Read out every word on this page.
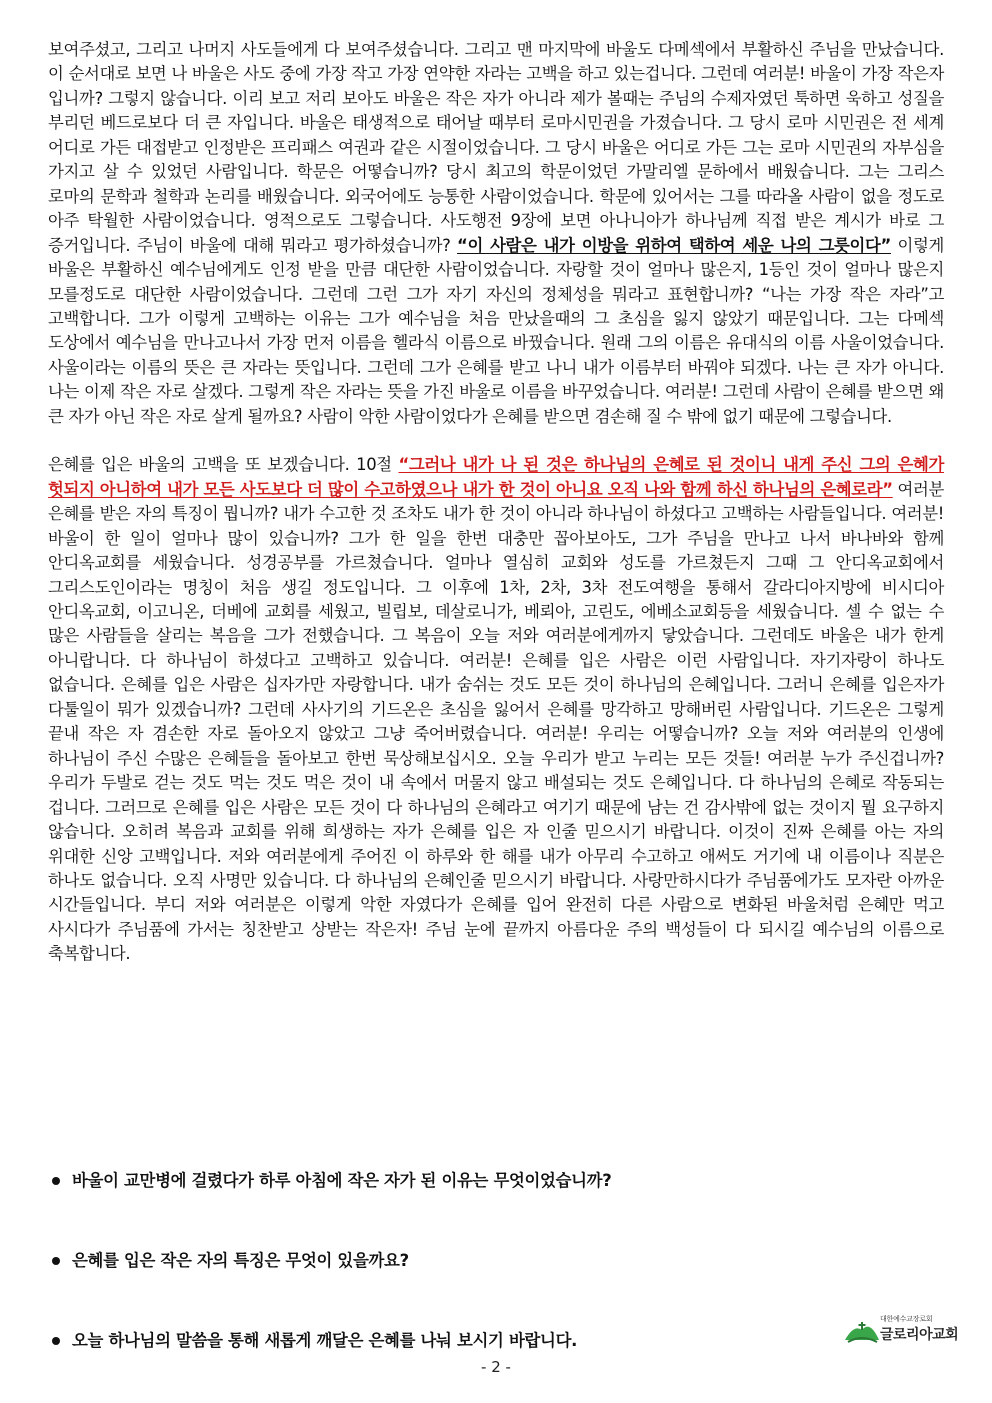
보여주셨고, 그리고 나머지 사도들에게 다 보여주셨습니다. 그리고 맨 마지막에 바울도 다메섹에서 부활하신 주님을 만났습니다. 이 순서대로 보면 나 바울은 사도 중에 가장 작고 가장 연약한 자라는 고백을 하고 있는겁니다. 그런데 여러분! 바울이 가장 작은자 입니까? 그렇지 않습니다. 이리 보고 저리 보아도 바울은 작은 자가 아니라 제가 볼때는 주님의 수제자였던 툭하면 욱하고 성질을 부리던 베드로보다 더 큰 자입니다. 바울은 태생적으로 태어날 때부터 로마시민권을 가졌습니다. 그 당시 로마 시민권은 전 세계 어디로 가든 대접받고 인정받은 프리패스 여권과 같은 시절이었습니다. 그 당시 바울은 어디로 가든 그는 로마 시민권의 자부심을 가지고 살 수 있었던 사람입니다. 학문은 어떻습니까? 당시 최고의 학문이었던 가말리엘 문하에서 배웠습니다. 그는 그리스 로마의 문학과 철학과 논리를 배웠습니다. 외국어에도 능통한 사람이었습니다. 학문에 있어서는 그를 따라올 사람이 없을 정도로 아주 탁월한 사람이었습니다. 영적으로도 그렇습니다. 사도행전 9장에 보면 아나니아가 하나님께 직접 받은 계시가 바로 그 증거입니다. 주님이 바울에 대해 뭐라고 평가하셨습니까? “이 사람은 내가 이방을 위하여 택하여 세운 나의 그릇이다” 이렇게 바울은 부활하신 예수님에게도 인정 받을 만큼 대단한 사람이었습니다. 자랑할 것이 얼마나 많은지, 1등인 것이 얼마나 많은지 모를정도로 대단한 사람이었습니다. 그런데 그런 그가 자기 자신의 정체성을 뭐라고 표현합니까? “나는 가장 작은 자라”고 고백합니다. 그가 이렇게 고백하는 이유는 그가 예수님을 처음 만났을때의 그 초심을 잃지 않았기 때문입니다. 그는 다메섹 도상에서 예수님을 만나고나서 가장 먼저 이름을 헬라식 이름으로 바꿨습니다. 원래 그의 이름은 유대식의 이름 사울이었습니다. 사울이라는 이름의 뜻은 큰 자라는 뜻입니다. 그런데 그가 은혜를 받고 나니 내가 이름부터 바꿔야 되겠다. 나는 큰 자가 아니다. 나는 이제 작은 자로 살겠다. 그렇게 작은 자라는 뜻을 가진 바울로 이름을 바꾸었습니다. 여러분! 그런데 사람이 은혜를 받으면 왜 큰 자가 아닌 작은 자로 살게 될까요? 사람이 악한 사람이었다가 은혜를 받으면 겸손해 질 수 밖에 없기 때문에 그렇습니다.

은혜를 입은 바울의 고백을 또 보겠습니다. 10절 “그러나 내가 나 된 것은 하나님의 은혜로 된 것이니 내게 주신 그의 은혜가 헛되지 아니하여 내가 모든 사도보다 더 많이 수고하였으나 내가 한 것이 아니요 오직 나와 함께 하신 하나님의 은혜로라” 여러분 은혜를 받은 자의 특징이 뭡니까? 내가 수고한 것 조차도 내가 한 것이 아니라 하나님이 하셨다고 고백하는 사람들입니다. 여러분! 바울이 한 일이 얼마나 많이 있습니까? 그가 한 일을 한번 대충만 꼽아보아도, 그가 주님을 만나고 나서 바나바와 함께 안디옥교회를 세웠습니다. 성경공부를 가르쳤습니다. 얼마나 열심히 교회와 성도를 가르쳤든지 그때 그 안디옥교회에서 그리스도인이라는 명칭이 처음 생길 정도입니다. 그 이후에 1차, 2차, 3차 전도여행을 통해서 갈라디아지방에 비시디아 안디옥교회, 이고니온, 더베에 교회를 세웠고, 빌립보, 데살로니가, 베뢰아, 고린도, 에베소교회등을 세웠습니다. 셀 수 없는 수 많은 사람들을 살리는 복음을 그가 전했습니다. 그 복음이 오늘 저와 여러분에게까지 닿았습니다. 그런데도 바울은 내가 한게 아니랍니다. 다 하나님이 하셨다고 고백하고 있습니다. 여러분! 은혜를 입은 사람은 이런 사람입니다. 자기자랑이 하나도 없습니다. 은혜를 입은 사람은 십자가만 자랑합니다. 내가 숨쉬는 것도 모든 것이 하나님의 은혜입니다. 그러니 은혜를 입은자가 다툴일이 뭐가 있겠습니까? 그런데 사사기의 기드온은 초심을 잃어서 은혜를 망각하고 망해버린 사람입니다. 기드온은 그렇게 끝내 작은 자 겸손한 자로 돌아오지 않았고 그냥 죽어버렸습니다. 여러분! 우리는 어떻습니까? 오늘 저와 여러분의 인생에 하나님이 주신 수많은 은혜들을 돌아보고 한번 묵상해보십시오. 오늘 우리가 받고 누리는 모든 것들! 여러분 누가 주신겁니까? 우리가 두발로 걷는 것도 먹는 것도 먹은 것이 내 속에서 머물지 않고 배설되는 것도 은혜입니다. 다 하나님의 은혜로 작동되는 겁니다. 그러므로 은혜를 입은 사람은 모든 것이 다 하나님의 은혜라고 여기기 때문에 남는 건 감사밖에 없는 것이지 뭘 요구하지 않습니다. 오히려 복음과 교회를 위해 희생하는 자가 은혜를 입은 자 인줄 믿으시기 바랍니다. 이것이 진짜 은혜를 아는 자의 위대한 신앙 고백입니다. 저와 여러분에게 주어진 이 하루와 한 해를 내가 아무리 수고하고 애써도 거기에 내 이름이나 직분은 하나도 없습니다. 오직 사명만 있습니다. 다 하나님의 은혜인줄 믿으시기 바랍니다. 사랑만하시다가 주님품에가도 모자란 아까운 시간들입니다. 부디 저와 여러분은 이렇게 악한 자였다가 은혜를 입어 완전히 다른 사람으로 변화된 바울처럼 은혜만 먹고 사시다가 주님품에 가서는 칭찬받고 상받는 작은자! 주님 눈에 끝까지 아름다운 주의 백성들이 다 되시길 예수님의 이름으로 축복합니다.

바울이 교만병에 걸렸다가 하루 아침에 작은 자가 된 이유는 무엇이었습니까?
은혜를 입은 작은 자의 특징은 무엇이 있을까요?
오늘 하나님의 말씀을 통해 새롭게 깨달은 은혜를 나눠 보시기 바랍니다.
대한예수교장로회
글로리아교회
- 2 -
